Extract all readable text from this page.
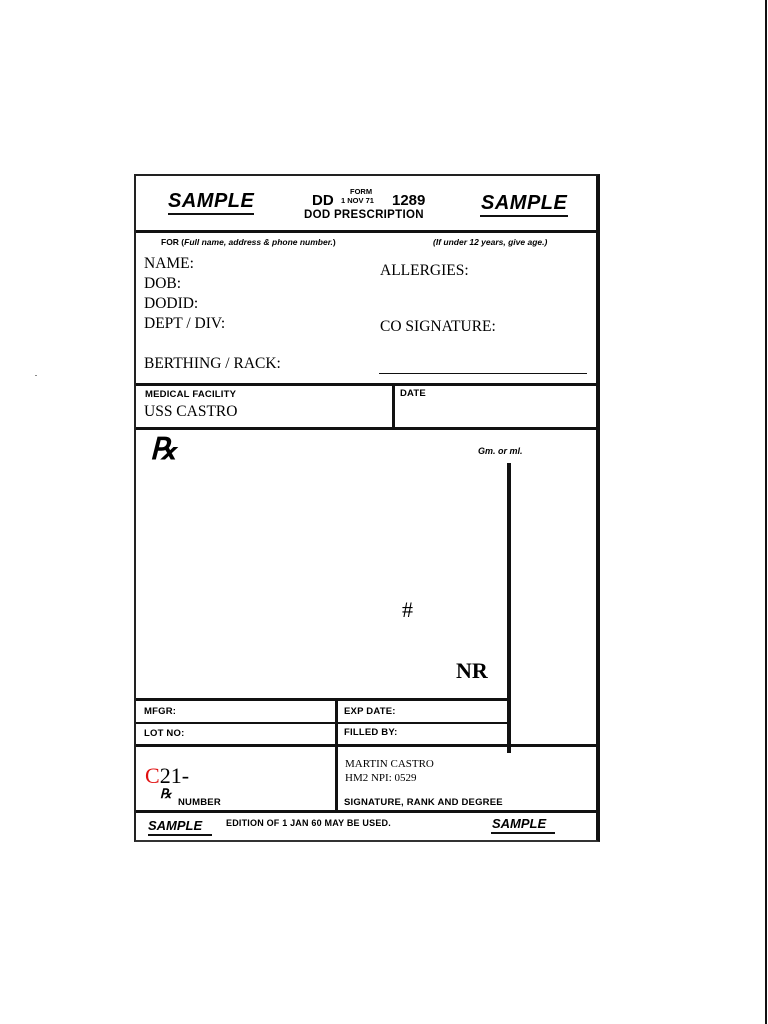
SAMPLE	SAMPLE
DD
FORM
1 NOV 71 1289
DOD PRESCRIPTION
FOR (Full name, address & phone number.)	(If under 12 years, give age.)
NAME:
DOB:
DODID:
DEPT / DIV:
BERTHING / RACK:
ALLERGIES:
CO SIGNATURE:
MEDICAL FACILITY
USS CASTRO
DATE
℞	Gm. or ml.
#
NR
MFGR:	EXP DATE:
LOT NO:	FILLED BY:
C21-
℞
NUMBER
MARTIN CASTRO
HM2 NPI: 0529
SIGNATURE, RANK AND DEGREE
SAMPLE	EDITION OF 1 JAN 60 MAY BE USED.	SAMPLE
